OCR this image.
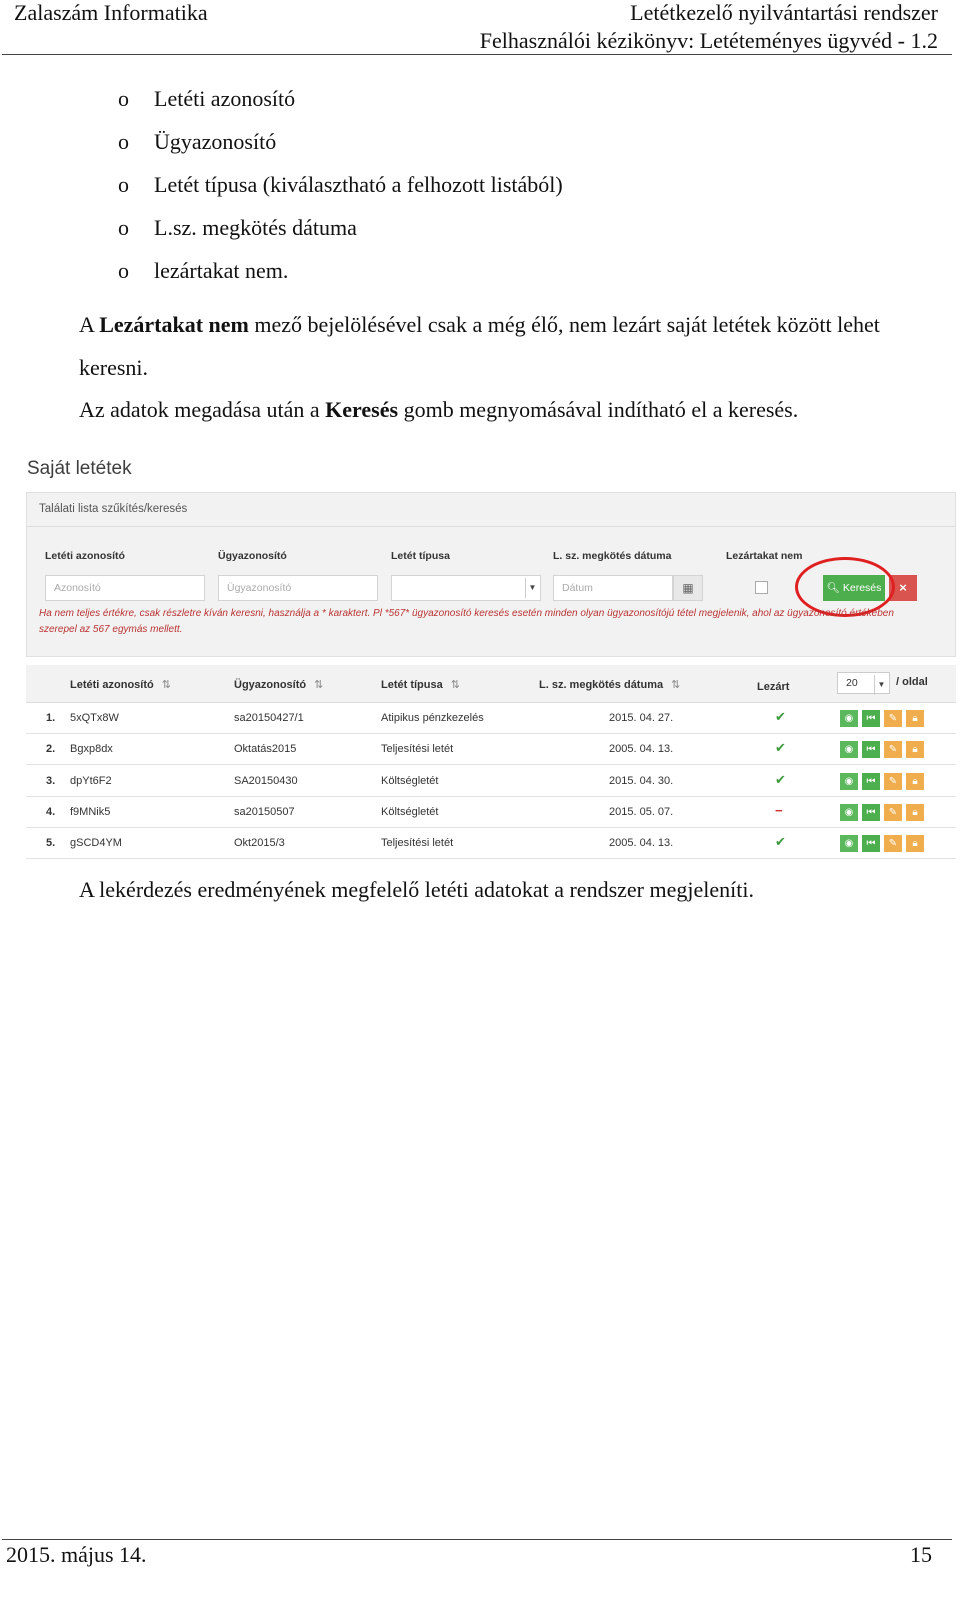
Zalaszám Informatika	Letétkezelő nyilvántartási rendszer
Felhasználói kézikönyv: Letéteményes ügyvéd - 1.2
o Letéti azonosító
o Ügyazonosító
o Letét típusa (kiválasztható a felhozott listából)
o L.sz. megkötés dátuma
o lezártakat nem.

A Lezártakat nem mező bejelölésével csak a még élő, nem lezárt saját letétek között lehet keresni.

Az adatok megadása után a Keresés gomb megnyomásával indítható el a keresés.

Saját letétek
Találati lista szűkítés/keresés
Letéti azonosító	Ügyazonosító	Letét típusa	L. sz. megkötés dátuma	Lezártakat nem
Azonosító	Ügyazonosító	▼	Dátum	▦	🔍︎ Keresés	×
Ha nem teljes értékre, csak részletre kíván keresni, használja a * karaktert. Pl *567* ügyazonosító keresés esetén minden olyan ügyazonosítójú tétel megjelenik, ahol az ügyazonosító értékében szerepel az 567 egymás mellett.
Letéti azonosító ⇅	Ügyazonosító ⇅	Letét típusa ⇅	L. sz. megkötés dátuma ⇅	Lezárt	20	▼ / oldal
1. 5xQTx8W	sa20150427/1	Atipikus pénzkezelés	2015. 04. 27.	✔	◉	⏮	✎	🔒︎
2. Bgxp8dx	Oktatás2015	Teljesítési letét	2005. 04. 13.	✔	◉	⏮	✎	🔒︎
3. dpYt6F2	SA20150430	Költségletét	2015. 04. 30.	✔	◉	⏮	✎	🔒︎
4. f9MNik5	sa20150507	Költségletét	2015. 05. 07.	−	◉	⏮	✎	🔒︎
5. gSCD4YM	Okt2015/3	Teljesítési letét	2005. 04. 13.	✔	◉	⏮	✎	🔒︎

A lekérdezés eredményének megfelelő letéti adatokat a rendszer megjeleníti.

2015. május 14.	15
